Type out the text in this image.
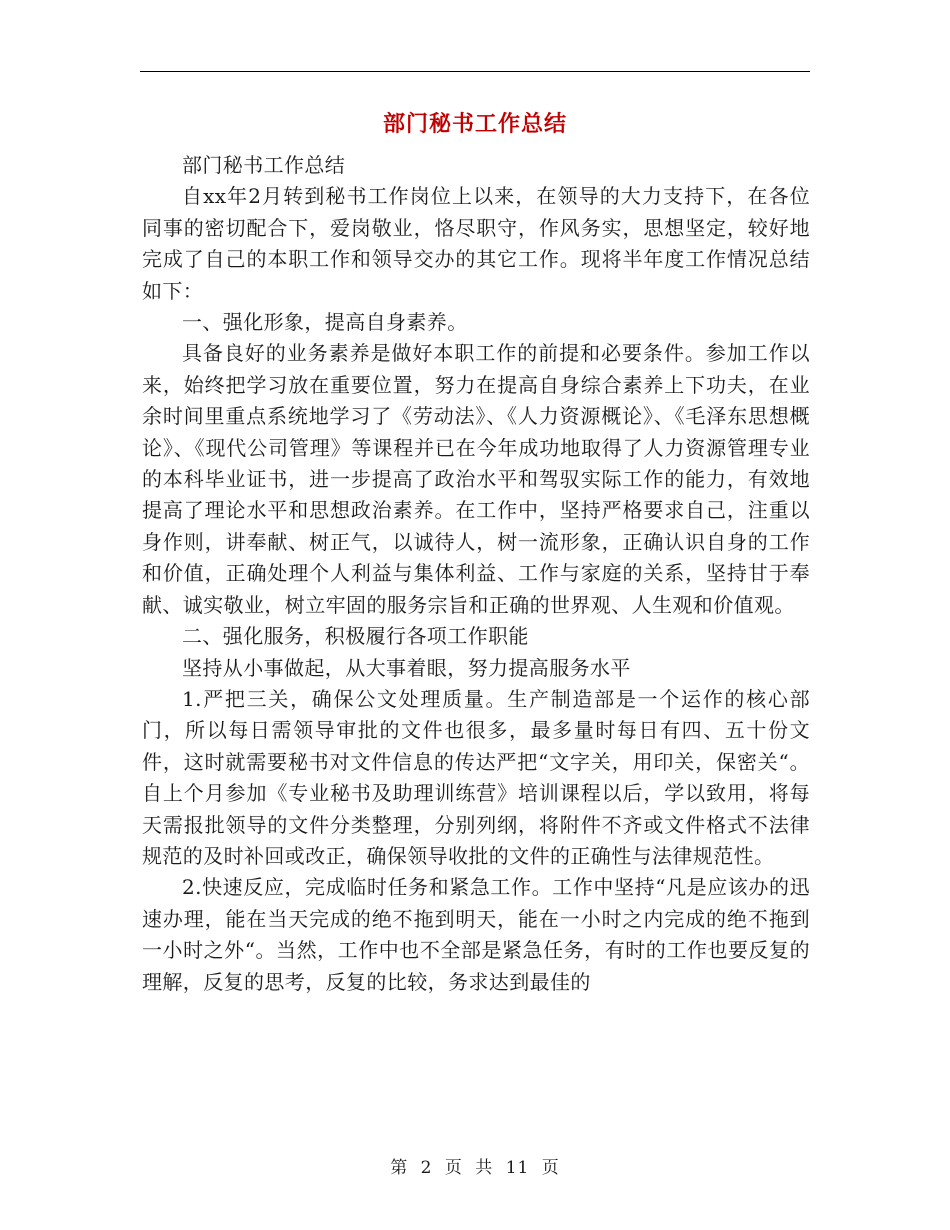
部门秘书工作总结

部门秘书工作总结

自xx年2月转到秘书工作岗位上以来，在领导的大力支持下，在各位同事的密切配合下，爱岗敬业，恪尽职守，作风务实，思想坚定，较好地完成了自己的本职工作和领导交办的其它工作。现将半年度工作情况总结如下：

一、强化形象，提高自身素养。

具备良好的业务素养是做好本职工作的前提和必要条件。参加工作以来，始终把学习放在重要位置，努力在提高自身综合素养上下功夫，在业余时间里重点系统地学习了《劳动法》、《人力资源概论》、《毛泽东思想概论》、《现代公司管理》等课程并已在今年成功地取得了人力资源管理专业的本科毕业证书，进一步提高了政治水平和驾驭实际工作的能力，有效地提高了理论水平和思想政治素养。在工作中，坚持严格要求自己，注重以身作则，讲奉献、树正气，以诚待人，树一流形象，正确认识自身的工作和价值，正确处理个人利益与集体利益、工作与家庭的关系，坚持甘于奉献、诚实敬业，树立牢固的服务宗旨和正确的世界观、人生观和价值观。

二、强化服务，积极履行各项工作职能

坚持从小事做起，从大事着眼，努力提高服务水平

1.严把三关，确保公文处理质量。生产制造部是一个运作的核心部门，所以每日需领导审批的文件也很多，最多量时每日有四、五十份文件，这时就需要秘书对文件信息的传达严把“文字关，用印关，保密关“。自上个月参加《专业秘书及助理训练营》培训课程以后，学以致用，将每天需报批领导的文件分类整理，分别列纲，将附件不齐或文件格式不法律规范的及时补回或改正，确保领导收批的文件的正确性与法律规范性。

2.快速反应，完成临时任务和紧急工作。工作中坚持“凡是应该办的迅速办理，能在当天完成的绝不拖到明天，能在一小时之内完成的绝不拖到一小时之外“。当然，工作中也不全部是紧急任务，有时的工作也要反复的理解，反复的思考，反复的比较，务求达到最佳的

第 2 页 共 11 页
